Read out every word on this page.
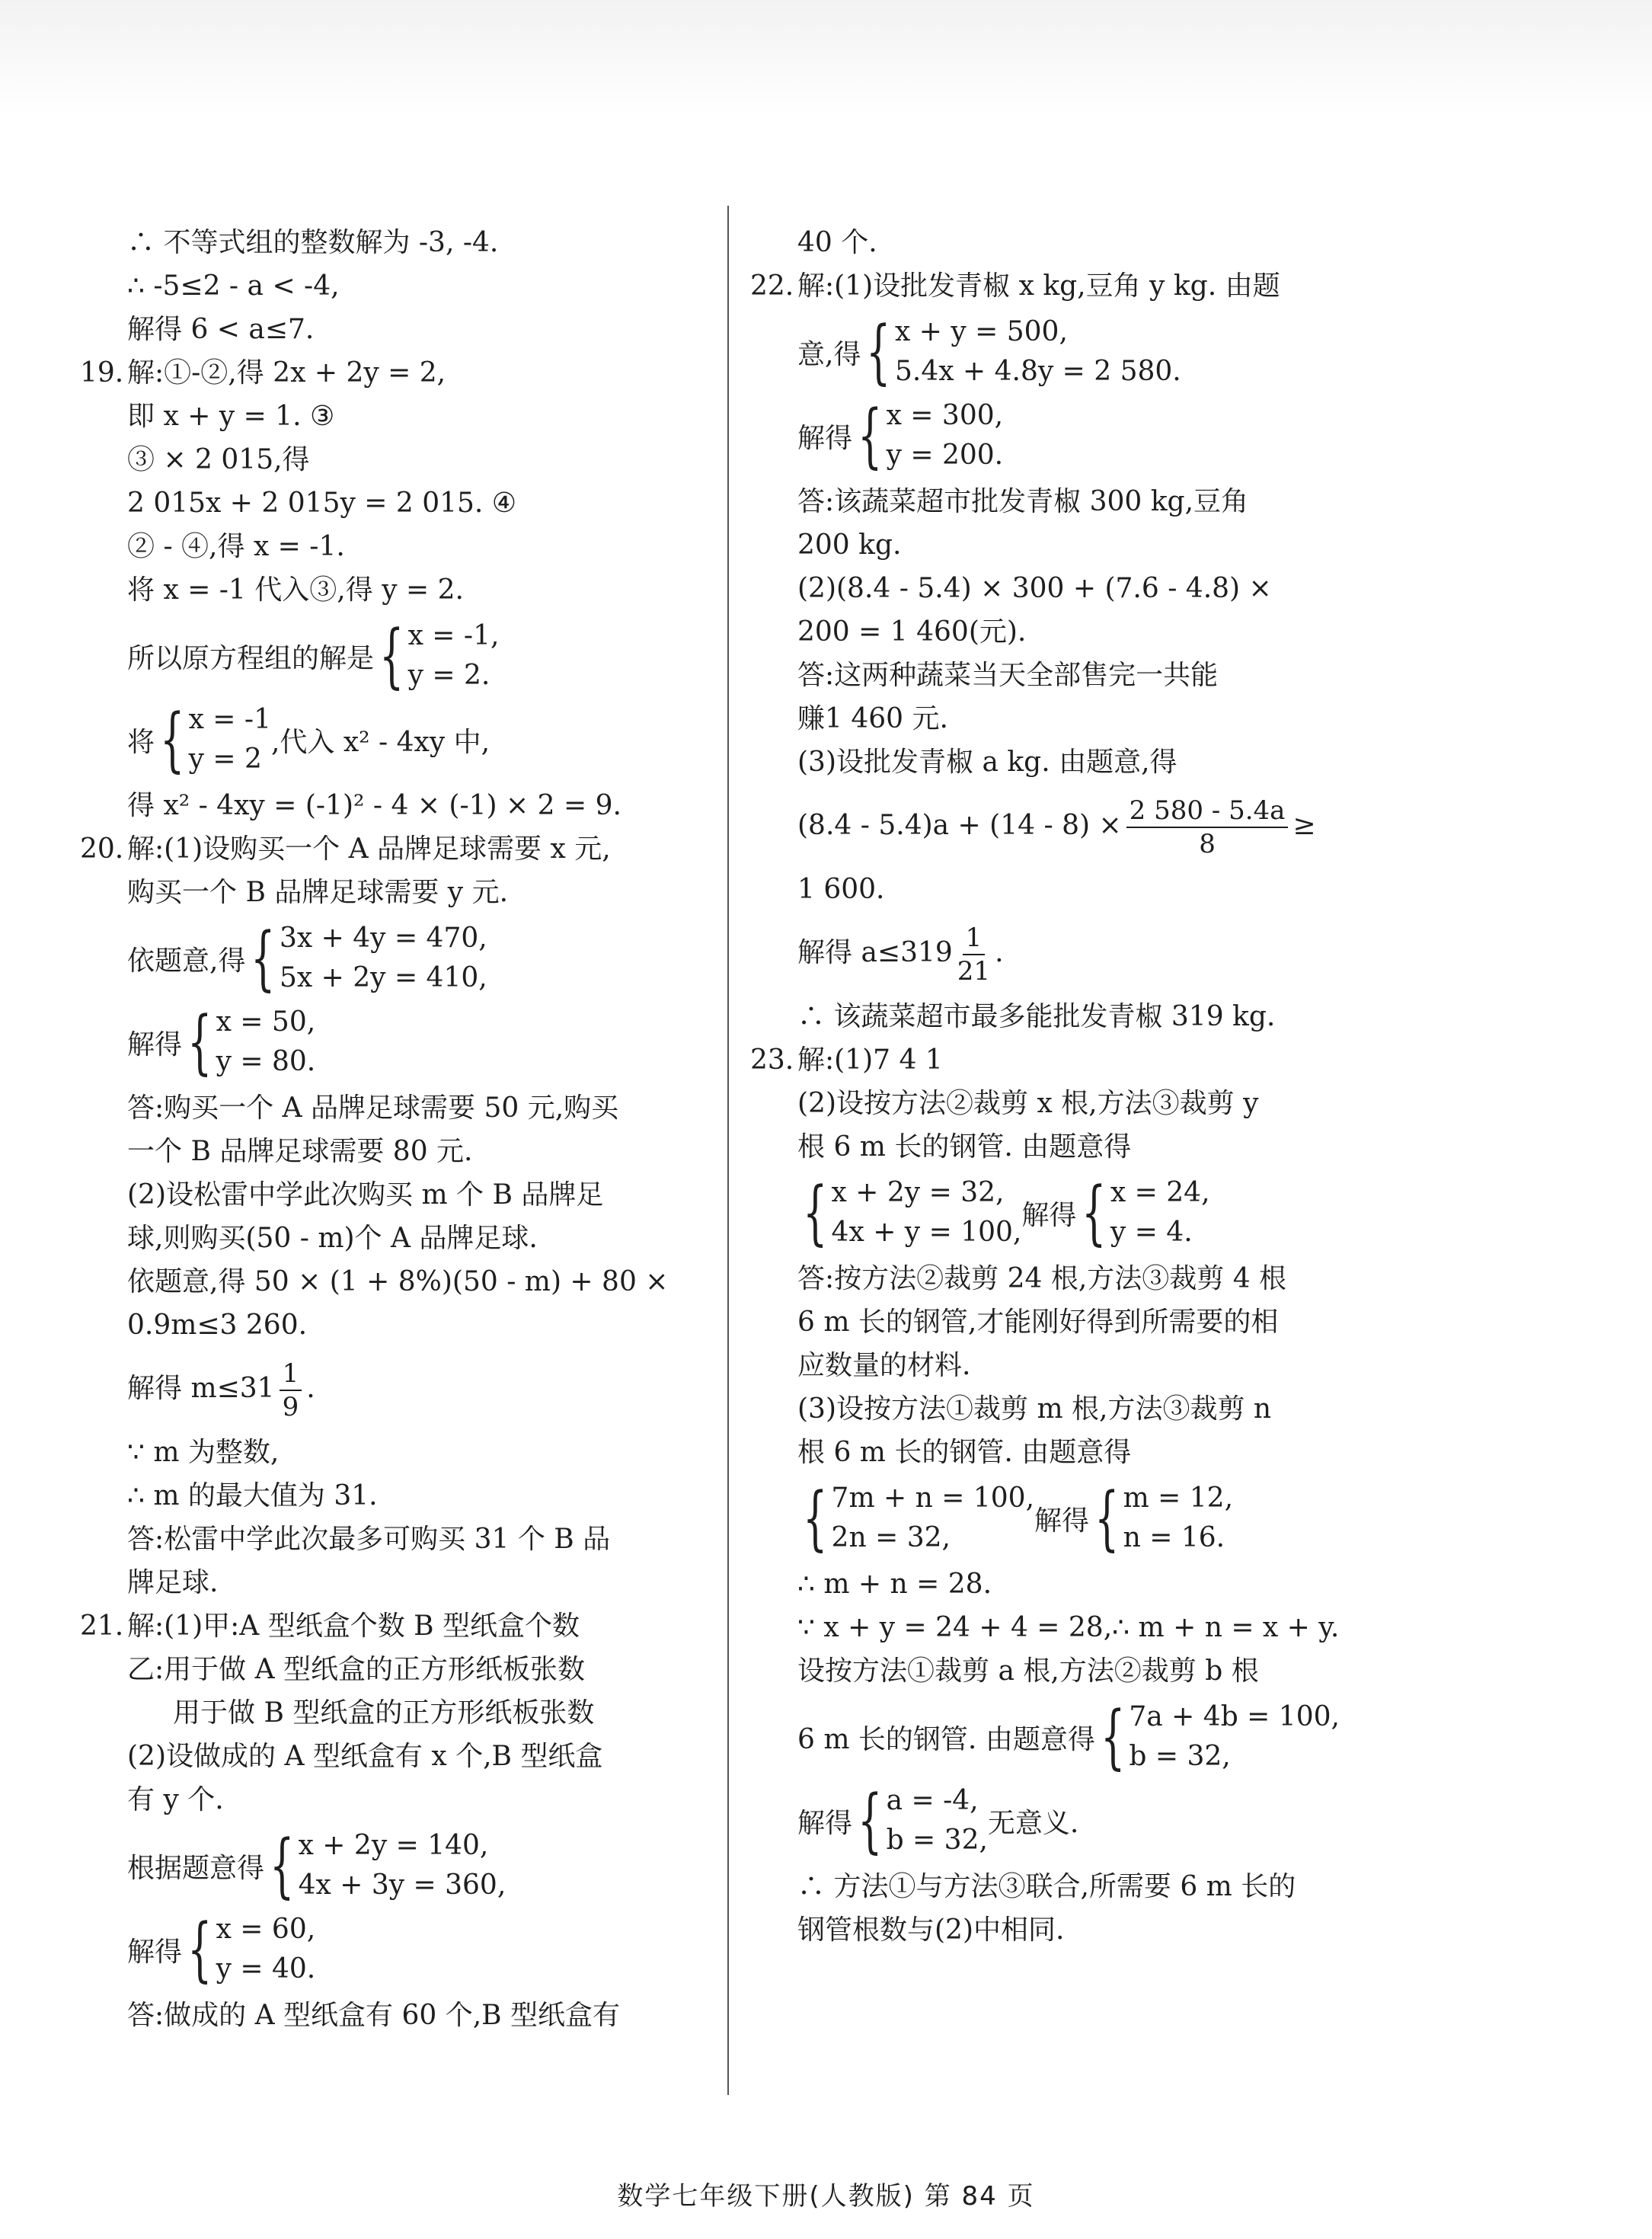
∴ 不等式组的整数解为 -3, -4.
∴ -5≤2 - a < -4,
解得 6 < a≤7.
19. 解:①-②,得 2x + 2y = 2,
即 x + y = 1. ③
③ × 2 015,得
2 015x + 2 015y = 2 015. ④
② - ④,得 x = -1.
将 x = -1 代入③,得 y = 2.
所以原方程组的解是 { x = -1,
y = 2.
将 { x = -1
y = 2
,代入 x² - 4xy 中,
得 x² - 4xy = (-1)² - 4 × (-1) × 2 = 9.
20. 解:(1)设购买一个 A 品牌足球需要 x 元,
购买一个 B 品牌足球需要 y 元.
依题意,得 { 3x + 4y = 470,
5x + 2y = 410,
解得 { x = 50,
y = 80.
答:购买一个 A 品牌足球需要 50 元,购买
一个 B 品牌足球需要 80 元.
(2)设松雷中学此次购买 m 个 B 品牌足
球,则购买(50 - m)个 A 品牌足球.
依题意,得 50 × (1 + 8%)(50 - m) + 80 ×
0.9m≤3 260.
解得 $m\le 31 \frac{1}{9}$ .
∵ m 为整数,
∴ m 的最大值为 31.
答:松雷中学此次最多可购买 31 个 B 品
牌足球.
21. 解:(1)甲:A 型纸盒个数 B 型纸盒个数
乙:用于做 A 型纸盒的正方形纸板张数
用于做 B 型纸盒的正方形纸板张数
(2)设做成的 A 型纸盒有 x 个,B 型纸盒
有 y 个.
根据题意得 { x + 2y = 140,
4x + 3y = 360,
解得 { x = 60,
y = 40.
答:做成的 A 型纸盒有 60 个,B 型纸盒有
40 个.
22. 解:(1)设批发青椒 x kg,豆角 y kg. 由题
意,得 { x + y = 500,
5.4x + 4.8y = 2 580.
解得 { x = 300,
y = 200.
答:该蔬菜超市批发青椒 300 kg,豆角
200 kg.
(2)(8.4 - 5.4) × 300 + (7.6 - 4.8) ×
200 = 1 460(元).
答:这两种蔬菜当天全部售完一共能
赚1 460 元.
(3)设批发青椒 a kg. 由题意,得
$(8.4 - 5.4)a + (14 - 8) \times \frac{2 580 - 5.4a}{8}$ ≥
1 600.
解得 $a\le 319 \frac{1}{21}$ .
∴ 该蔬菜超市最多能批发青椒 319 kg.
23. 解:(1)7 4 1
(2)设按方法②裁剪 x 根,方法③裁剪 y
根 6 m 长的钢管. 由题意得
{ x + 2y = 32,
4x + y = 100,
解得 { x = 24,
y = 4.
答:按方法②裁剪 24 根,方法③裁剪 4 根
6 m 长的钢管,才能刚好得到所需要的相
应数量的材料.
(3)设按方法①裁剪 m 根,方法③裁剪 n
根 6 m 长的钢管. 由题意得
{ 7m + n = 100,
2n = 32,
解得 { m = 12,
n = 16.
∴ m + n = 28.
∵ x + y = 24 + 4 = 28,∴ m + n = x + y.
设按方法①裁剪 a 根,方法②裁剪 b 根
6 m 长的钢管. 由题意得 { 7a + 4b = 100,
b = 32,
解得 { a = -4,
b = 32,
无意义.
∴ 方法①与方法③联合,所需要 6 m 长的
钢管根数与(2)中相同.
数学七年级下册(人教版) 第 84 页
